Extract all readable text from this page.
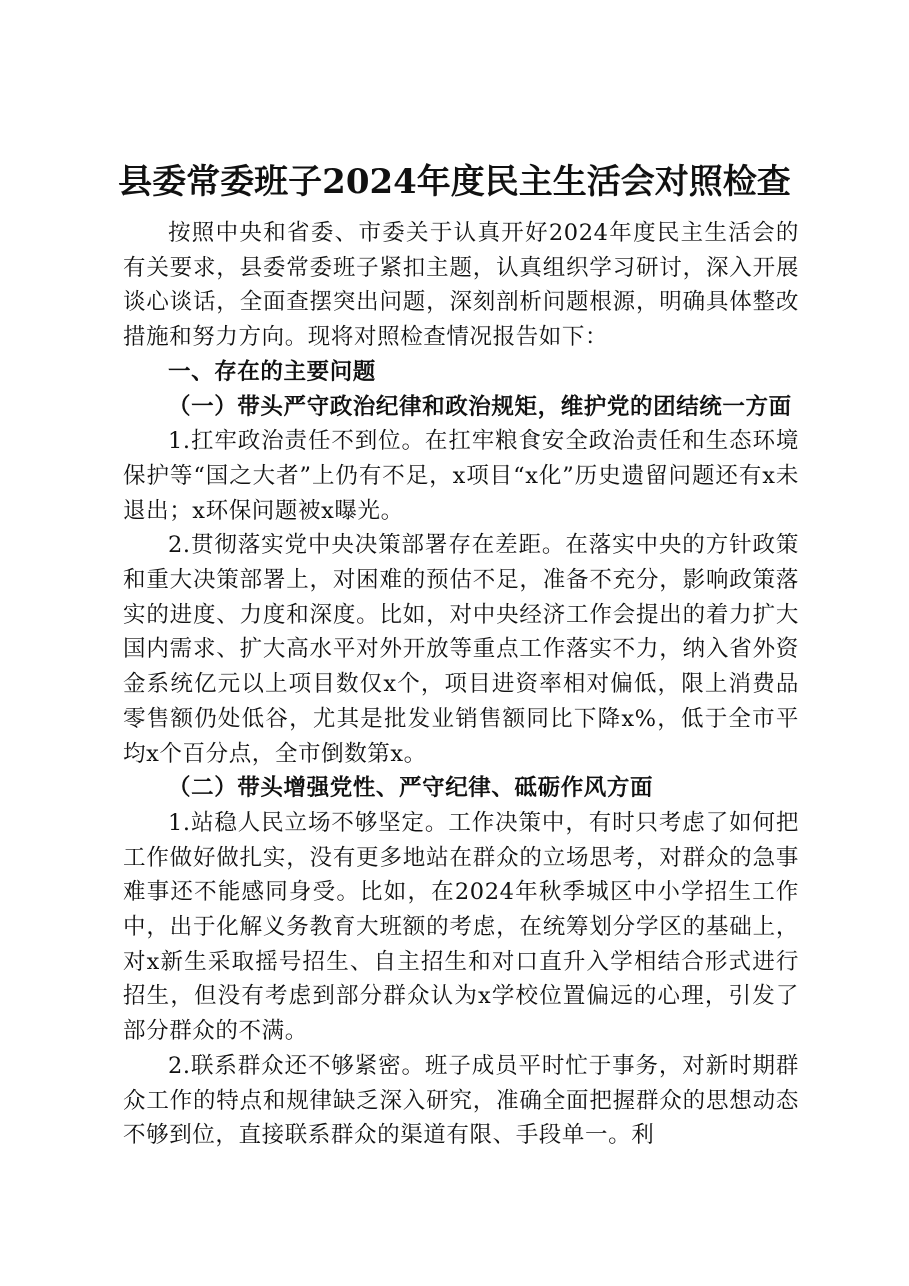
县委常委班子2024年度民主生活会对照检查

按照中央和省委、市委关于认真开好2024年度民主生活会的有关要求，县委常委班子紧扣主题，认真组织学习研讨，深入开展谈心谈话，全面查摆突出问题，深刻剖析问题根源，明确具体整改措施和努力方向。现将对照检查情况报告如下：

一、存在的主要问题

（一）带头严守政治纪律和政治规矩，维护党的团结统一方面

1.扛牢政治责任不到位。在扛牢粮食安全政治责任和生态环境保护等“国之大者”上仍有不足，x项目“x化”历史遗留问题还有x未退出；x环保问题被x曝光。

2.贯彻落实党中央决策部署存在差距。在落实中央的方针政策和重大决策部署上，对困难的预估不足，准备不充分，影响政策落实的进度、力度和深度。比如，对中央经济工作会提出的着力扩大国内需求、扩大高水平对外开放等重点工作落实不力，纳入省外资金系统亿元以上项目数仅x个，项目进资率相对偏低，限上消费品零售额仍处低谷，尤其是批发业销售额同比下降x%，低于全市平均x个百分点，全市倒数第x。

（二）带头增强党性、严守纪律、砥砺作风方面

1.站稳人民立场不够坚定。工作决策中，有时只考虑了如何把工作做好做扎实，没有更多地站在群众的立场思考，对群众的急事难事还不能感同身受。比如，在2024年秋季城区中小学招生工作中，出于化解义务教育大班额的考虑，在统筹划分学区的基础上，对x新生采取摇号招生、自主招生和对口直升入学相结合形式进行招生，但没有考虑到部分群众认为x学校位置偏远的心理，引发了部分群众的不满。

2.联系群众还不够紧密。班子成员平时忙于事务，对新时期群众工作的特点和规律缺乏深入研究，准确全面把握群众的思想动态不够到位，直接联系群众的渠道有限、手段单一。利
